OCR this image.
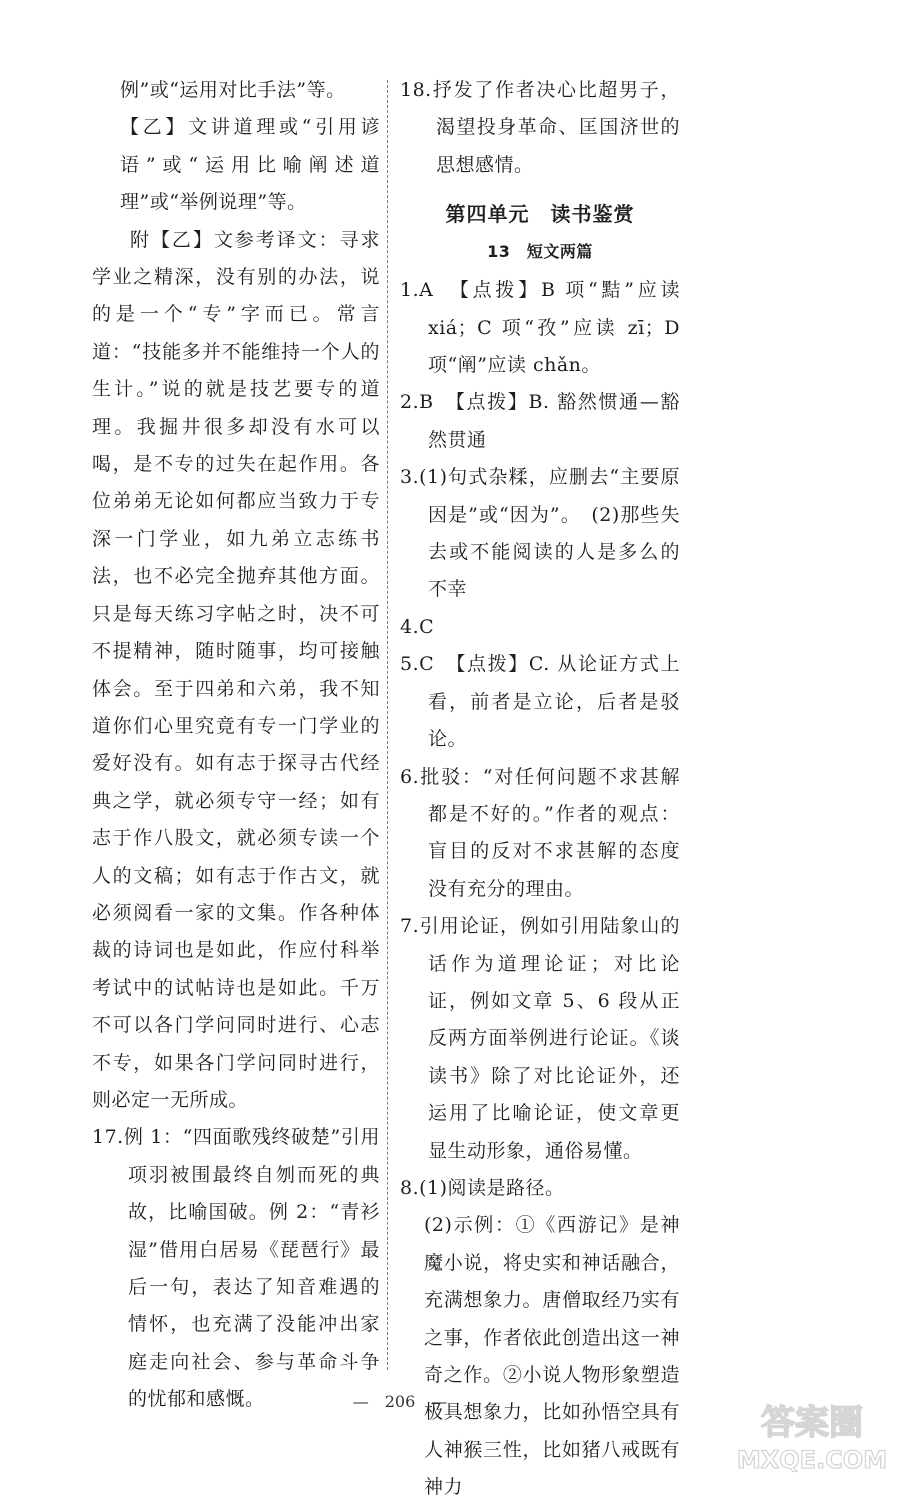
例”或“运用对比手法”等。

【乙】文讲道理或“引用谚语”或“运用比喻阐述道理”或“举例说理”等。

附【乙】文参考译文：寻求学业之精深，没有别的办法，说的是一个“专”字而已。常言道：“技能多并不能维持一个人的生计。”说的就是技艺要专的道理。我掘井很多却没有水可以喝，是不专的过失在起作用。各位弟弟无论如何都应当致力于专深一门学业，如九弟立志练书法，也不必完全抛弃其他方面。只是每天练习字帖之时，决不可不提精神，随时随事，均可接触体会。至于四弟和六弟，我不知道你们心里究竟有专一门学业的爱好没有。如有志于探寻古代经典之学，就必须专守一经；如有志于作八股文，就必须专读一个人的文稿；如有志于作古文，就必须阅看一家的文集。作各种体裁的诗词也是如此，作应付科举考试中的试帖诗也是如此。千万不可以各门学问同时进行、心志不专，如果各门学问同时进行，则必定一无所成。

17.例 1：“四面歌残终破楚”引用项羽被围最终自刎而死的典故，比喻国破。例 2：“青衫湿”借用白居易《琵琶行》最后一句，表达了知音难遇的情怀，也充满了没能冲出家庭走向社会、参与革命斗争的忧郁和感慨。

18.抒发了作者决心比超男子，渴望投身革命、匡国济世的思想感情。

第四单元　读书鉴赏
13　短文两篇

1.A　【点拨】B 项“黠”应读 xiá；C 项“孜”应读 zī；D 项“阐”应读 chǎn。

2.B　【点拨】B. 豁然惯通—豁然贯通

3.(1)句式杂糅，应删去“主要原因是”或“因为”。　(2)那些失去或不能阅读的人是多么的不幸

4.C

5.C　【点拨】C. 从论证方式上看，前者是立论，后者是驳论。

6.批驳：“对任何问题不求甚解都是不好的。”作者的观点：盲目的反对不求甚解的态度没有充分的理由。

7.引用论证，例如引用陆象山的话作为道理论证；对比论证，例如文章 5、6 段从正反两方面举例进行论证。《谈读书》除了对比论证外，还运用了比喻论证，使文章更显生动形象，通俗易懂。

8.(1)阅读是路径。

(2)示例：①《西游记》是神魔小说，将史实和神话融合，充满想象力。唐僧取经乃实有之事，作者依此创造出这一神奇之作。②小说人物形象塑造极具想象力，比如孙悟空具有人神猴三性，比如猪八戒既有神力

—　206　—
答案圈
MXQE.COM
